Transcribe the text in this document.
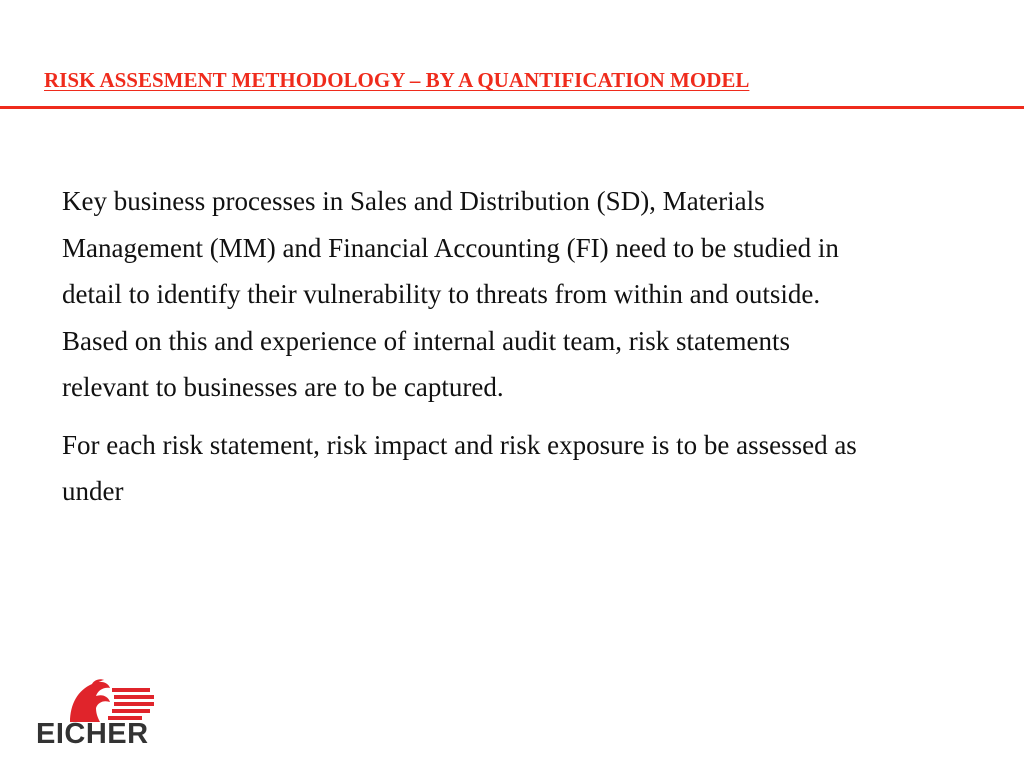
RISK ASSESMENT METHODOLOGY – BY A QUANTIFICATION MODEL

Key business processes in Sales and Distribution (SD), Materials Management (MM) and Financial Accounting (FI) need to be studied in detail to identify their vulnerability to threats from within and outside. Based on this and experience of internal audit team, risk statements relevant to businesses are to be captured.

For each risk statement, risk impact and risk exposure is to be assessed as under

EICHER
